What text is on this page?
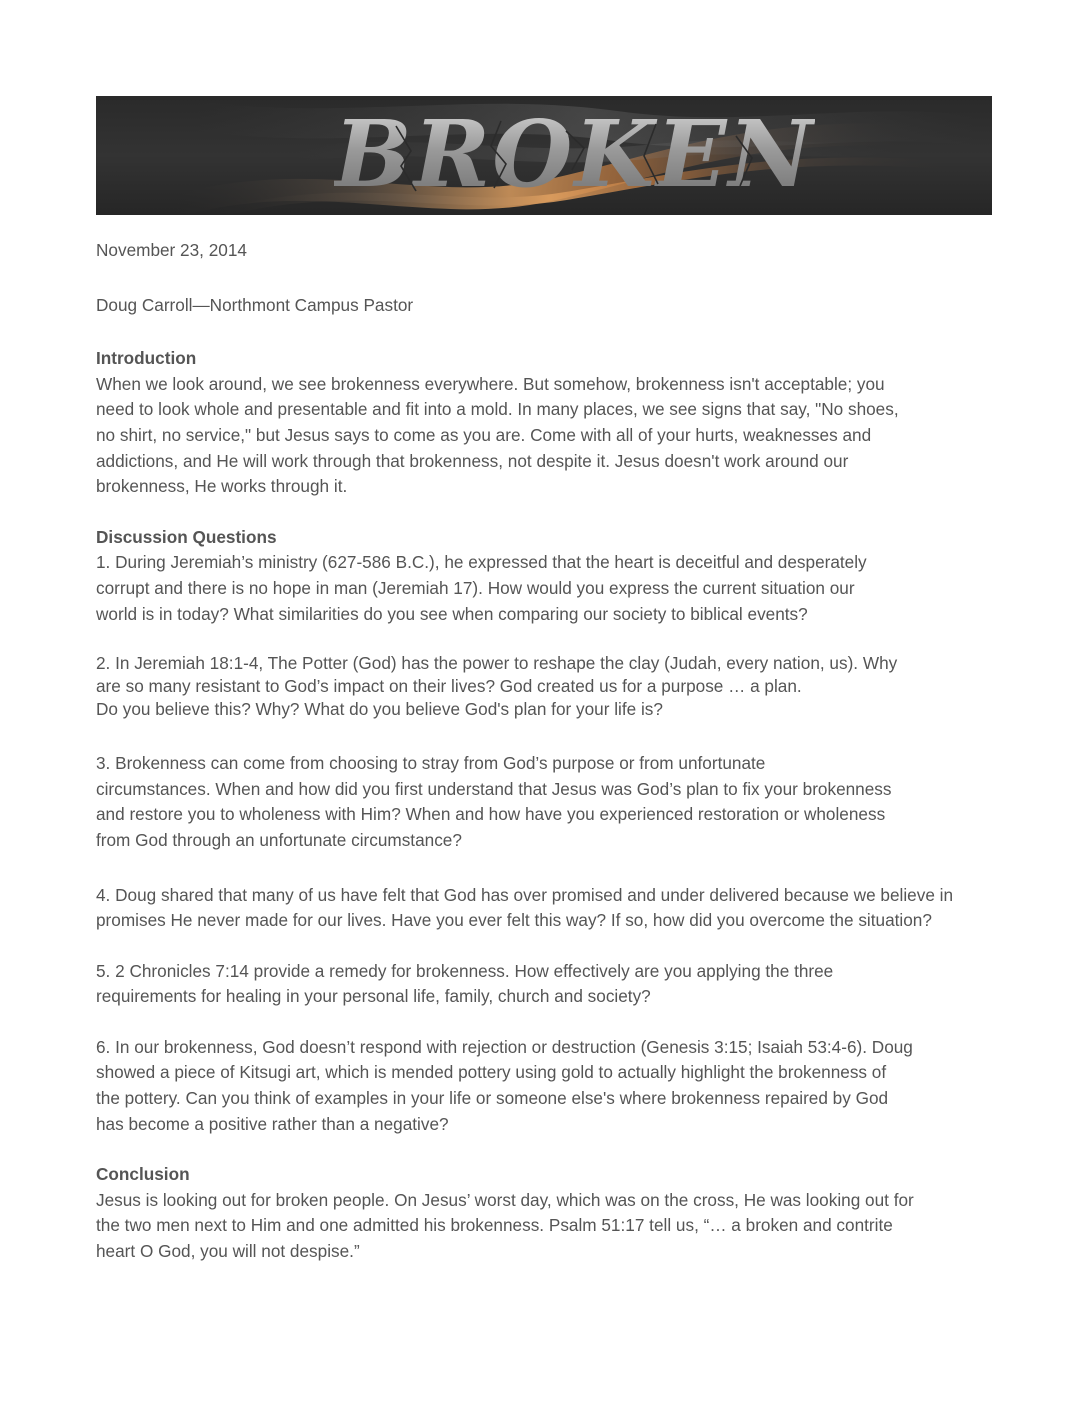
BROKEN

November 23, 2014

Doug Carroll—Northmont Campus Pastor

Introduction

When we look around, we see brokenness everywhere. But somehow, brokenness isn't acceptable; you

need to look whole and presentable and fit into a mold. In many places, we see signs that say, "No shoes,

no shirt, no service," but Jesus says to come as you are. Come with all of your hurts, weaknesses and

addictions, and He will work through that brokenness, not despite it. Jesus doesn't work around our

brokenness, He works through it.

Discussion Questions

1. During Jeremiah’s ministry (627-586 B.C.), he expressed that the heart is deceitful and desperately

corrupt and there is no hope in man (Jeremiah 17). How would you express the current situation our

world is in today? What similarities do you see when comparing our society to biblical events?

2. In Jeremiah 18:1-4, The Potter (God) has the power to reshape the clay (Judah, every nation, us). Why

are so many resistant to God’s impact on their lives? God created us for a purpose … a plan.

Do you believe this? Why? What do you believe God's plan for your life is?

3. Brokenness can come from choosing to stray from God’s purpose or from unfortunate

circumstances. When and how did you first understand that Jesus was God’s plan to fix your brokenness

and restore you to wholeness with Him? When and how have you experienced restoration or wholeness

from God through an unfortunate circumstance?

4. Doug shared that many of us have felt that God has over promised and under delivered because we believe in

promises He never made for our lives. Have you ever felt this way? If so, how did you overcome the situation?

5. 2 Chronicles 7:14 provide a remedy for brokenness. How effectively are you applying the three

requirements for healing in your personal life, family, church and society?

6. In our brokenness, God doesn’t respond with rejection or destruction (Genesis 3:15; Isaiah 53:4-6). Doug

showed a piece of Kitsugi art, which is mended pottery using gold to actually highlight the brokenness of

the pottery. Can you think of examples in your life or someone else's where brokenness repaired by God

has become a positive rather than a negative?

Conclusion

Jesus is looking out for broken people. On Jesus’ worst day, which was on the cross, He was looking out for

the two men next to Him and one admitted his brokenness. Psalm 51:17 tell us, “… a broken and contrite

heart O God, you will not despise.”
